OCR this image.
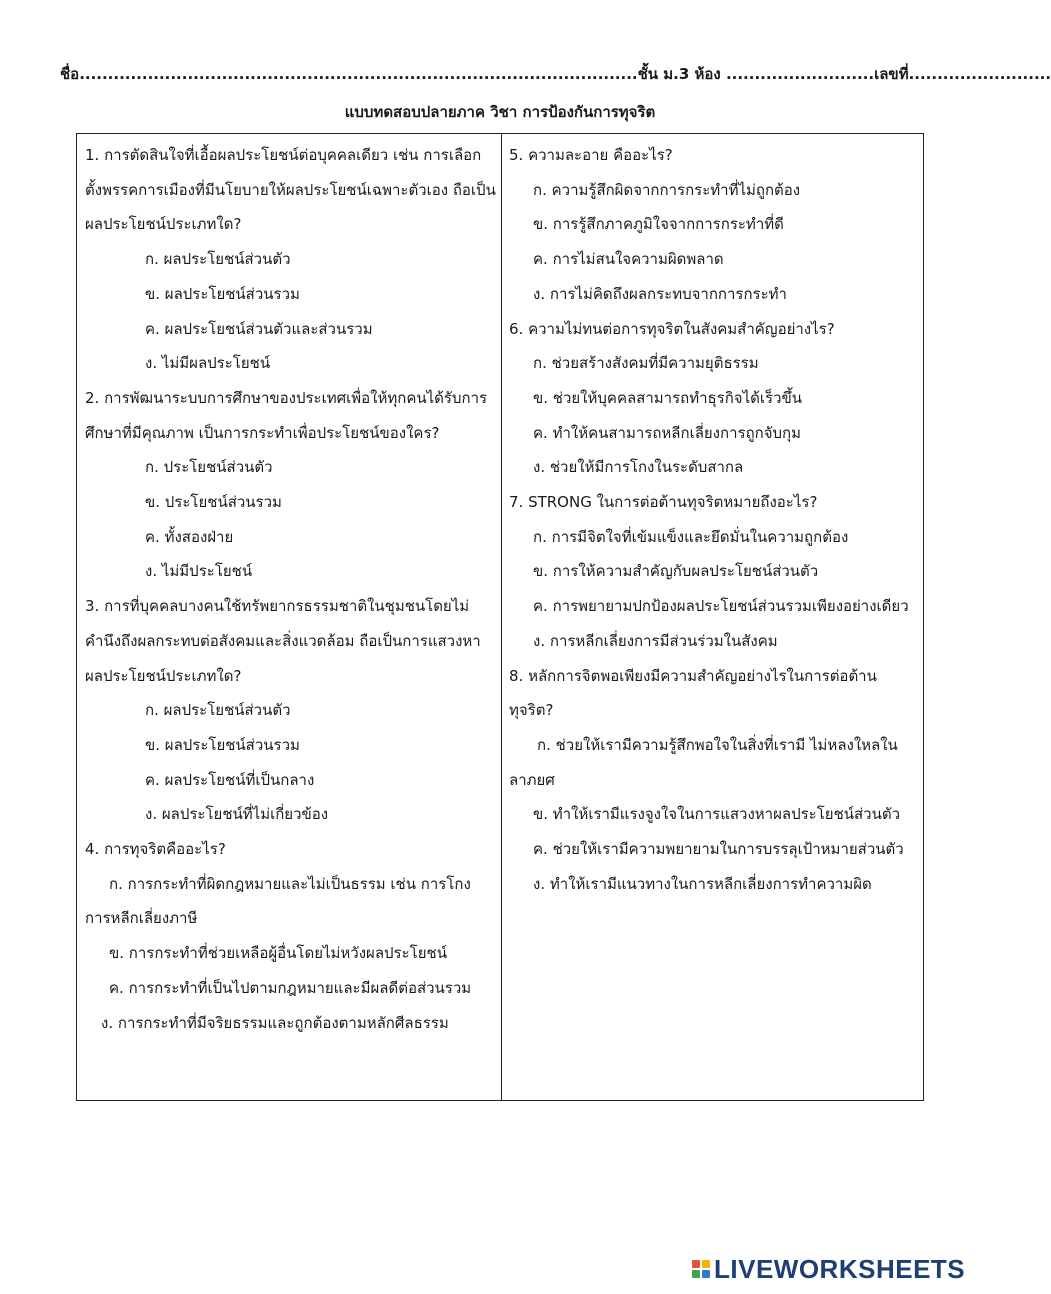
ชื่อ..................................................................................................ชั้น ม.3 ห้อง ..........................เลขที่.........................
แบบทดสอบปลายภาค วิชา การป้องกันการทุจริต

1. การตัดสินใจที่เอื้อผลประโยชน์ต่อบุคคลเดียว เช่น การเลือกตั้งพรรคการเมืองที่มีนโยบายให้ผลประโยชน์เฉพาะตัวเอง ถือเป็นผลประโยชน์ประเภทใด?

ก. ผลประโยชน์ส่วนตัว

ข. ผลประโยชน์ส่วนรวม

ค. ผลประโยชน์ส่วนตัวและส่วนรวม

ง. ไม่มีผลประโยชน์

2. การพัฒนาระบบการศึกษาของประเทศเพื่อให้ทุกคนได้รับการศึกษาที่มีคุณภาพ เป็นการกระทำเพื่อประโยชน์ของใคร?

ก. ประโยชน์ส่วนตัว

ข. ประโยชน์ส่วนรวม

ค. ทั้งสองฝ่าย

ง. ไม่มีประโยชน์

3. การที่บุคคลบางคนใช้ทรัพยากรธรรมชาติในชุมชนโดยไม่คำนึงถึงผลกระทบต่อสังคมและสิ่งแวดล้อม ถือเป็นการแสวงหาผลประโยชน์ประเภทใด?

ก. ผลประโยชน์ส่วนตัว

ข. ผลประโยชน์ส่วนรวม

ค. ผลประโยชน์ที่เป็นกลาง

ง. ผลประโยชน์ที่ไม่เกี่ยวข้อง

4. การทุจริตคืออะไร?

ก. การกระทำที่ผิดกฎหมายและไม่เป็นธรรม เช่น การโกง การหลีกเลี่ยงภาษี

ข. การกระทำที่ช่วยเหลือผู้อื่นโดยไม่หวังผลประโยชน์

ค. การกระทำที่เป็นไปตามกฎหมายและมีผลดีต่อส่วนรวม

ง. การกระทำที่มีจริยธรรมและถูกต้องตามหลักศีลธรรม

5. ความละอาย คืออะไร?

ก. ความรู้สึกผิดจากการกระทำที่ไม่ถูกต้อง

ข. การรู้สึกภาคภูมิใจจากการกระทำที่ดี

ค. การไม่สนใจความผิดพลาด

ง. การไม่คิดถึงผลกระทบจากการกระทำ

6. ความไม่ทนต่อการทุจริตในสังคมสำคัญอย่างไร?

ก. ช่วยสร้างสังคมที่มีความยุติธรรม

ข. ช่วยให้บุคคลสามารถทำธุรกิจได้เร็วขึ้น

ค. ทำให้คนสามารถหลีกเลี่ยงการถูกจับกุม

ง. ช่วยให้มีการโกงในระดับสากล

7. STRONG ในการต่อต้านทุจริตหมายถึงอะไร?

ก. การมีจิตใจที่เข้มแข็งและยึดมั่นในความถูกต้อง

ข. การให้ความสำคัญกับผลประโยชน์ส่วนตัว

ค. การพยายามปกป้องผลประโยชน์ส่วนรวมเพียงอย่างเดียว

ง. การหลีกเลี่ยงการมีส่วนร่วมในสังคม

8. หลักการจิตพอเพียงมีความสำคัญอย่างไรในการต่อต้านทุจริต?

ก. ช่วยให้เรามีความรู้สึกพอใจในสิ่งที่เรามี ไม่หลงใหลในลาภยศ

ข. ทำให้เรามีแรงจูงใจในการแสวงหาผลประโยชน์ส่วนตัว

ค. ช่วยให้เรามีความพยายามในการบรรลุเป้าหมายส่วนตัว

ง. ทำให้เรามีแนวทางในการหลีกเลี่ยงการทำความผิด

LIVEWORKSHEETS
